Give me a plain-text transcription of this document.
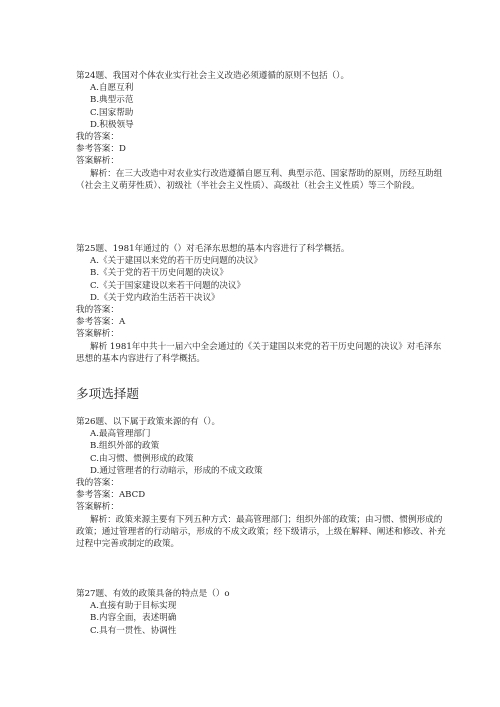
第24题、我国对个体农业实行社会主义改造必须遵循的原则不包括（）。

A.自愿互利

B.典型示范

C.国家帮助

D.积极领导

我的答案：

参考答案：D

答案解析：

解析：在三大改造中对农业实行改造遵循自愿互利、典型示范、国家帮助的原则，历经互助组（社会主义萌芽性质）、初级社（半社会主义性质）、高级社（社会主义性质）等三个阶段。

第25题、1981年通过的（）对毛泽东思想的基本内容进行了科学概括。

A.《关于建国以来党的若干历史问题的决议》

B.《关于党的若干历史问题的决议》

C.《关于国家建设以来若干问题的决议》

D.《关于党内政治生活若干决议》

我的答案：

参考答案：A

答案解析：

解析 1981年中共十一届六中全会通过的《关于建国以来党的若干历史问题的决议》对毛泽东思想的基本内容进行了科学概括。

多项选择题

第26题、以下属于政策来源的有（）。

A.最高管理部门

B.组织外部的政策

C.由习惯、惯例形成的政策

D.通过管理者的行动暗示，形成的不成文政策

我的答案：

参考答案：ABCD

答案解析：

解析：政策来源主要有下列五种方式：最高管理部门；组织外部的政策；由习惯、惯例形成的政策；通过管理者的行动暗示，形成的不成文政策；经下级请示，上级在解释、阐述和修改、补充过程中完善或制定的政策。

第27题、有效的政策具备的特点是（）o

A.直接有助于目标实现

B.内容全面，表述明确

C.具有一贯性、协调性
